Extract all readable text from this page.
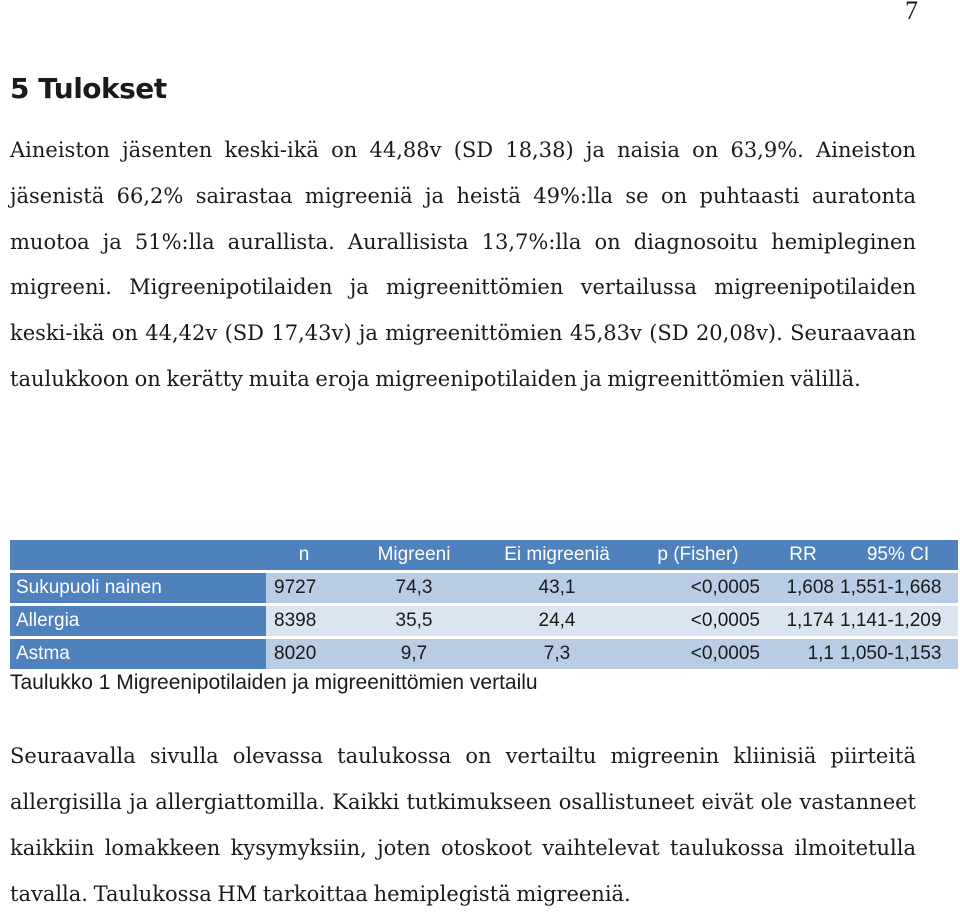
7
5 Tulokset

Aineiston jäsenten keski-ikä on 44,88v (SD 18,38) ja naisia on 63,9%. Aineiston jäsenistä 66,2% sairastaa migreeniä ja heistä 49%:lla se on puhtaasti auratonta muotoa ja 51%:lla aurallista. Aurallisista 13,7%:lla on diagnosoitu hemipleginen migreeni. Migreenipotilaiden ja migreenittömien vertailussa migreenipotilaiden keski-ikä on 44,42v (SD 17,43v) ja migreenittömien 45,83v (SD 20,08v). Seuraavaan taulukkoon on kerätty muita eroja migreenipotilaiden ja migreenittömien välillä.

	n	Migreeni	Ei migreeniä	p (Fisher)	RR	95% CI
Sukupuoli nainen	9727	74,3	43,1	<0,0005	1,608	1,551-1,668
Allergia	8398	35,5	24,4	<0,0005	1,174	1,141-1,209
Astma	8020	9,7	7,3	<0,0005	1,1	1,050-1,153

Taulukko 1 Migreenipotilaiden ja migreenittömien vertailu

Seuraavalla sivulla olevassa taulukossa on vertailtu migreenin kliinisiä piirteitä allergisilla ja allergiattomilla. Kaikki tutkimukseen osallistuneet eivät ole vastanneet kaikkiin lomakkeen kysymyksiin, joten otoskoot vaihtelevat taulukossa ilmoitetulla tavalla. Taulukossa HM tarkoittaa hemiplegistä migreeniä.
